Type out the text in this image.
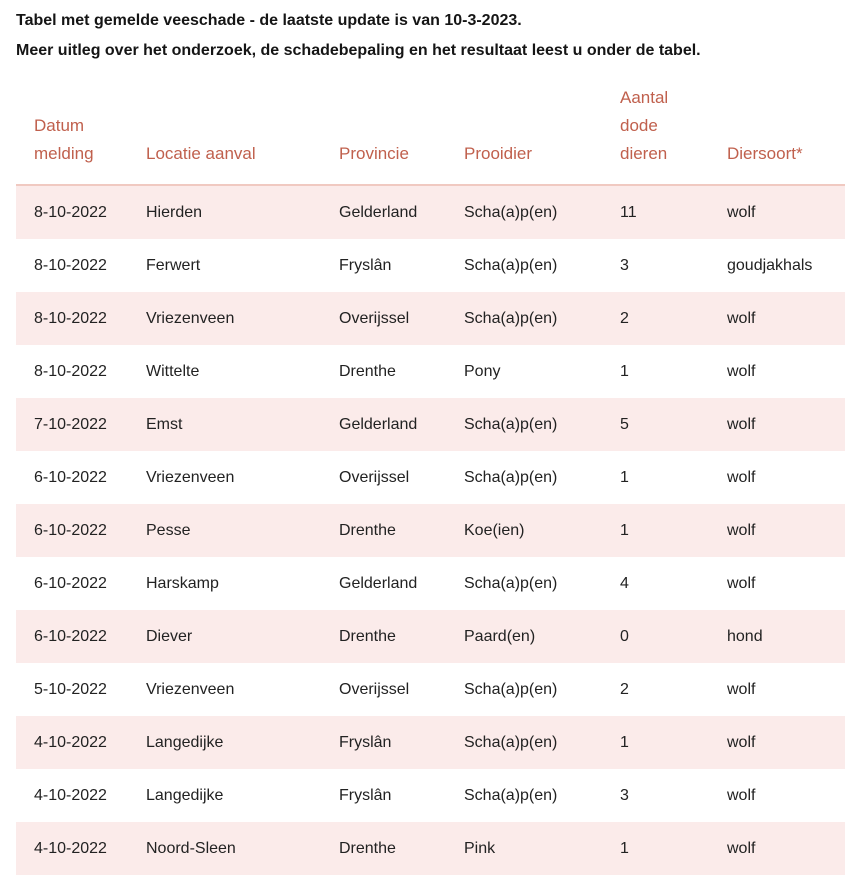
Tabel met gemelde veeschade - de laatste update is van 10-3-2023.

Meer uitleg over het onderzoek, de schadebepaling en het resultaat leest u onder de tabel.

Datum melding	Locatie aanval	Provincie	Prooidier	Aantal dode dieren	Diersoort*
8-10-2022	Hierden	Gelderland	Scha(a)p(en)	11	wolf
8-10-2022	Ferwert	Fryslân	Scha(a)p(en)	3	goudjakhals
8-10-2022	Vriezenveen	Overijssel	Scha(a)p(en)	2	wolf
8-10-2022	Wittelte	Drenthe	Pony	1	wolf
7-10-2022	Emst	Gelderland	Scha(a)p(en)	5	wolf
6-10-2022	Vriezenveen	Overijssel	Scha(a)p(en)	1	wolf
6-10-2022	Pesse	Drenthe	Koe(ien)	1	wolf
6-10-2022	Harskamp	Gelderland	Scha(a)p(en)	4	wolf
6-10-2022	Diever	Drenthe	Paard(en)	0	hond
5-10-2022	Vriezenveen	Overijssel	Scha(a)p(en)	2	wolf
4-10-2022	Langedijke	Fryslân	Scha(a)p(en)	1	wolf
4-10-2022	Langedijke	Fryslân	Scha(a)p(en)	3	wolf
4-10-2022	Noord-Sleen	Drenthe	Pink	1	wolf
